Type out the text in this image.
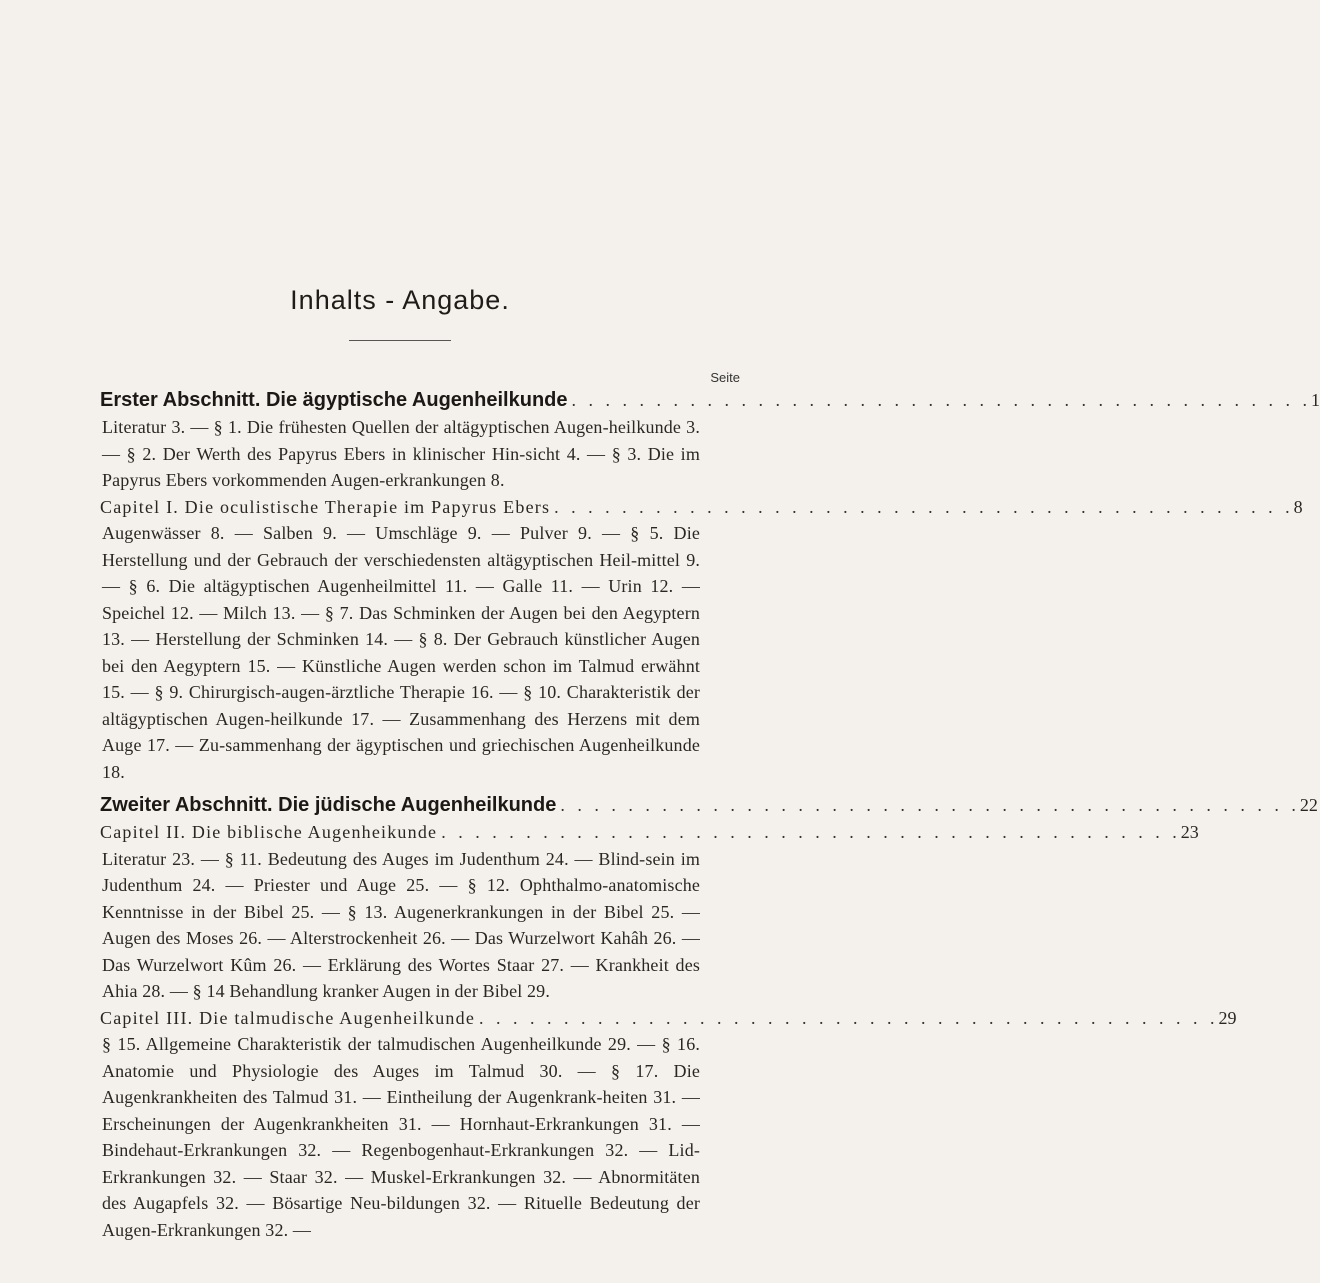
Inhalts - Angabe.
Seite
Erster Abschnitt. Die ägyptische Augenheilkunde . . . . . . . . . . . . . . . . . . . . . . . . . . . . . . . . . . . . . . . . . . . . 1
Literatur 3. — § 1. Die frühesten Quellen der altägyptischen Augen-heilkunde 3. — § 2. Der Werth des Papyrus Ebers in klinischer Hin-sicht 4. — § 3. Die im Papyrus Ebers vorkommenden Augen-erkrankungen 8.
Capitel I. Die oculistische Therapie im Papyrus Ebers . . . . . . . . . . . . . . . . . . . . . . . . . . . . . . . . . . . . . . . . . . . . 8
Augenwässer 8. — Salben 9. — Umschläge 9. — Pulver 9. — § 5. Die Herstellung und der Gebrauch der verschiedensten altägyptischen Heil-mittel 9. — § 6. Die altägyptischen Augenheilmittel 11. — Galle 11. — Urin 12. — Speichel 12. — Milch 13. — § 7. Das Schminken der Augen bei den Aegyptern 13. — Herstellung der Schminken 14. — § 8. Der Gebrauch künstlicher Augen bei den Aegyptern 15. — Künstliche Augen werden schon im Talmud erwähnt 15. — § 9. Chirurgisch-augen-ärztliche Therapie 16. — § 10. Charakteristik der altägyptischen Augen-heilkunde 17. — Zusammenhang des Herzens mit dem Auge 17. — Zu-sammenhang der ägyptischen und griechischen Augenheilkunde 18.
Zweiter Abschnitt. Die jüdische Augenheilkunde . . . . . . . . . . . . . . . . . . . . . . . . . . . . . . . . . . . . . . . . . . . . 22
Capitel II. Die biblische Augenheikunde . . . . . . . . . . . . . . . . . . . . . . . . . . . . . . . . . . . . . . . . . . . . 23
Literatur 23. — § 11. Bedeutung des Auges im Judenthum 24. — Blind-sein im Judenthum 24. — Priester und Auge 25. — § 12. Ophthalmo-anatomische Kenntnisse in der Bibel 25. — § 13. Augenerkrankungen in der Bibel 25. — Augen des Moses 26. — Alterstrockenheit 26. — Das Wurzelwort Kahâh 26. — Das Wurzelwort Kûm 26. — Erklärung des Wortes Staar 27. — Krankheit des Ahia 28. — § 14 Behandlung kranker Augen in der Bibel 29.
Capitel III. Die talmudische Augenheilkunde . . . . . . . . . . . . . . . . . . . . . . . . . . . . . . . . . . . . . . . . . . . . 29
§ 15. Allgemeine Charakteristik der talmudischen Augenheilkunde 29. — § 16. Anatomie und Physiologie des Auges im Talmud 30. — § 17. Die Augenkrankheiten des Talmud 31. — Eintheilung der Augenkrank-heiten 31. — Erscheinungen der Augenkrankheiten 31. — Hornhaut-Erkrankungen 31. — Bindehaut-Erkrankungen 32. — Regenbogenhaut-Erkrankungen 32. — Lid-Erkrankungen 32. — Staar 32. — Muskel-Erkrankungen 32. — Abnormitäten des Augapfels 32. — Bösartige Neu-bildungen 32. — Rituelle Bedeutung der Augen-Erkrankungen 32. —
